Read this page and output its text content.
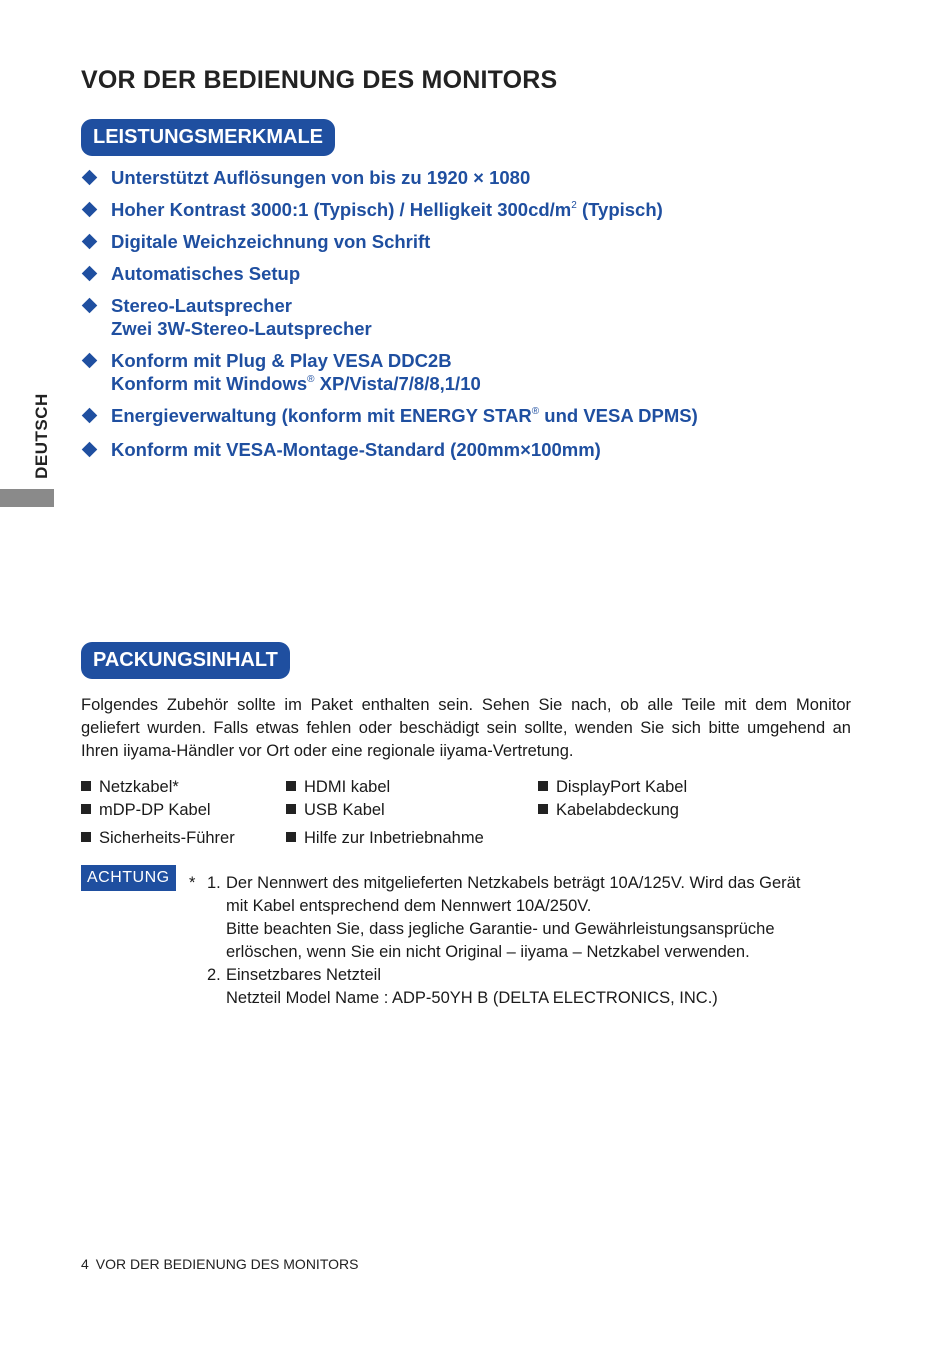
VOR DER BEDIENUNG DES MONITORS
LEISTUNGSMERKMALE
Unterstützt Auflösungen von bis zu 1920 × 1080
Hoher Kontrast 3000:1 (Typisch) / Helligkeit $300cd/m^2$ (Typisch)
Digitale Weichzeichnung von Schrift
Automatisches Setup
Stereo-Lautsprecher
Zwei 3W-Stereo-Lautsprecher
Konform mit Plug & Play VESA DDC2B
Konform mit Windows® XP/Vista/7/8/8,1/10
Energieverwaltung (konform mit ENERGY STAR® und VESA DPMS)
Konform mit VESA-Montage-Standard (200mm×100mm)
DEUTSCH
PACKUNGSINHALT

Folgendes Zubehör sollte im Paket enthalten sein. Sehen Sie nach, ob alle Teile mit dem Monitor geliefert wurden. Falls etwas fehlen oder beschädigt sein sollte, wenden Sie sich bitte umgehend an Ihren iiyama-Händler vor Ort oder eine regionale iiyama-Vertretung.

Netzkabel*	HDMI kabel	DisplayPort Kabel
mDP-DP Kabel	USB Kabel	Kabelabdeckung
Sicherheits-Führer	Hilfe zur Inbetriebnahme
ACHTUNG	* 1. Der Nennwert des mitgelieferten Netzkabels beträgt 10A/125V. Wird das Gerät
mit Kabel entsprechend dem Nennwert 10A/250V.
Bitte beachten Sie, dass jegliche Garantie- und Gewährleistungsansprüche
erlöschen, wenn Sie ein nicht Original – iiyama – Netzkabel verwenden.
2. Einsetzbares Netzteil
Netzteil Model Name : ADP-50YH B (DELTA ELECTRONICS, INC.)
4 VOR DER BEDIENUNG DES MONITORS
